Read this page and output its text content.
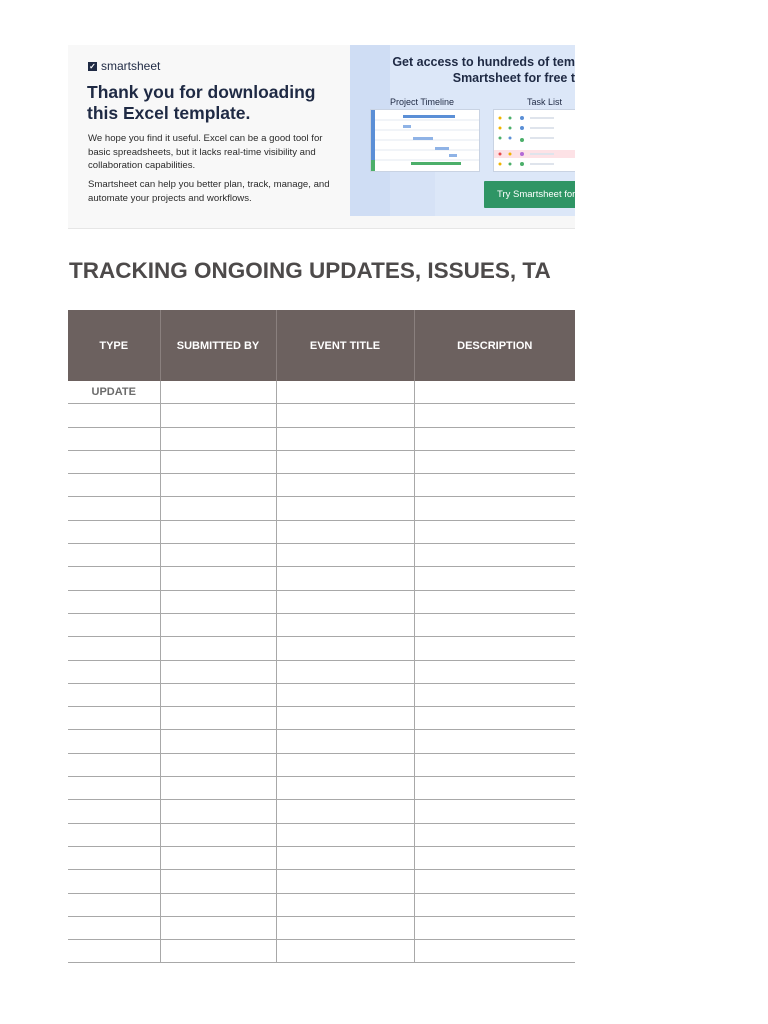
✓ smartsheet
Thank you for downloading this Excel template.
We hope you find it useful. Excel can be a good tool for basic spreadsheets, but it lacks real-time visibility and collaboration capabilities.
Smartsheet can help you better plan, track, manage, and automate your projects and workflows.
Get access to hundreds of tem
Smartsheet for free t
Project Timeline	Task List
Try Smartsheet for
TRACKING ONGOING UPDATES, ISSUES, TA
TYPE	SUBMITTED BY	EVENT TITLE	DESCRIPTION
UPDATE			
